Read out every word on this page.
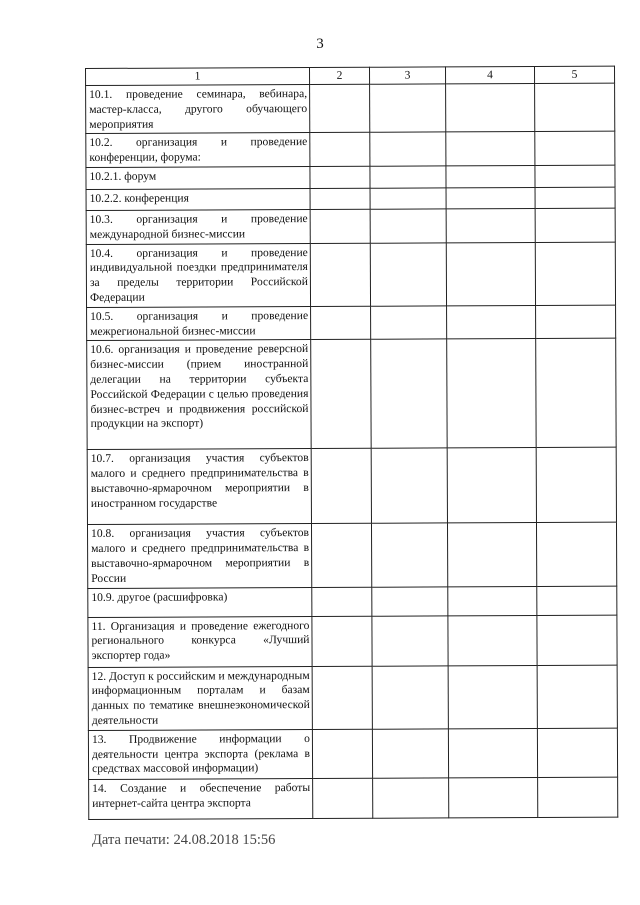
3
1	2	3	4	5
10.1. проведение семинара, вебинара, мастер-класса, другого обучающего мероприятия				
10.2. организация и проведение конференции, форума:				
10.2.1. форум				
10.2.2. конференция				
10.3. организация и проведение международной бизнес-миссии				
10.4. организация и проведение индивидуальной поездки предпринимателя за пределы территории Российской Федерации				
10.5. организация и проведение межрегиональной бизнес-миссии				
10.6. организация и проведение реверсной бизнес-миссии (прием иностранной делегации на территории субъекта Российской Федерации с целью проведения бизнес-встреч и продвижения российской продукции на экспорт)				
10.7. организация участия субъектов малого и среднего предпринимательства в выставочно-ярмарочном мероприятии в иностранном государстве				
10.8. организация участия субъектов малого и среднего предпринимательства в выставочно-ярмарочном мероприятии в России				
10.9. другое (расшифровка)				
11. Организация и проведение ежегодного регионального конкурса «Лучший экспортер года»				
12. Доступ к российским и международным информационным порталам и базам данных по тематике внешнеэкономической деятельности				
13. Продвижение информации о деятельности центра экспорта (реклама в средствах массовой информации)				
14. Создание и обеспечение работы интернет-сайта центра экспорта				
Дата печати: 24.08.2018 15:56
